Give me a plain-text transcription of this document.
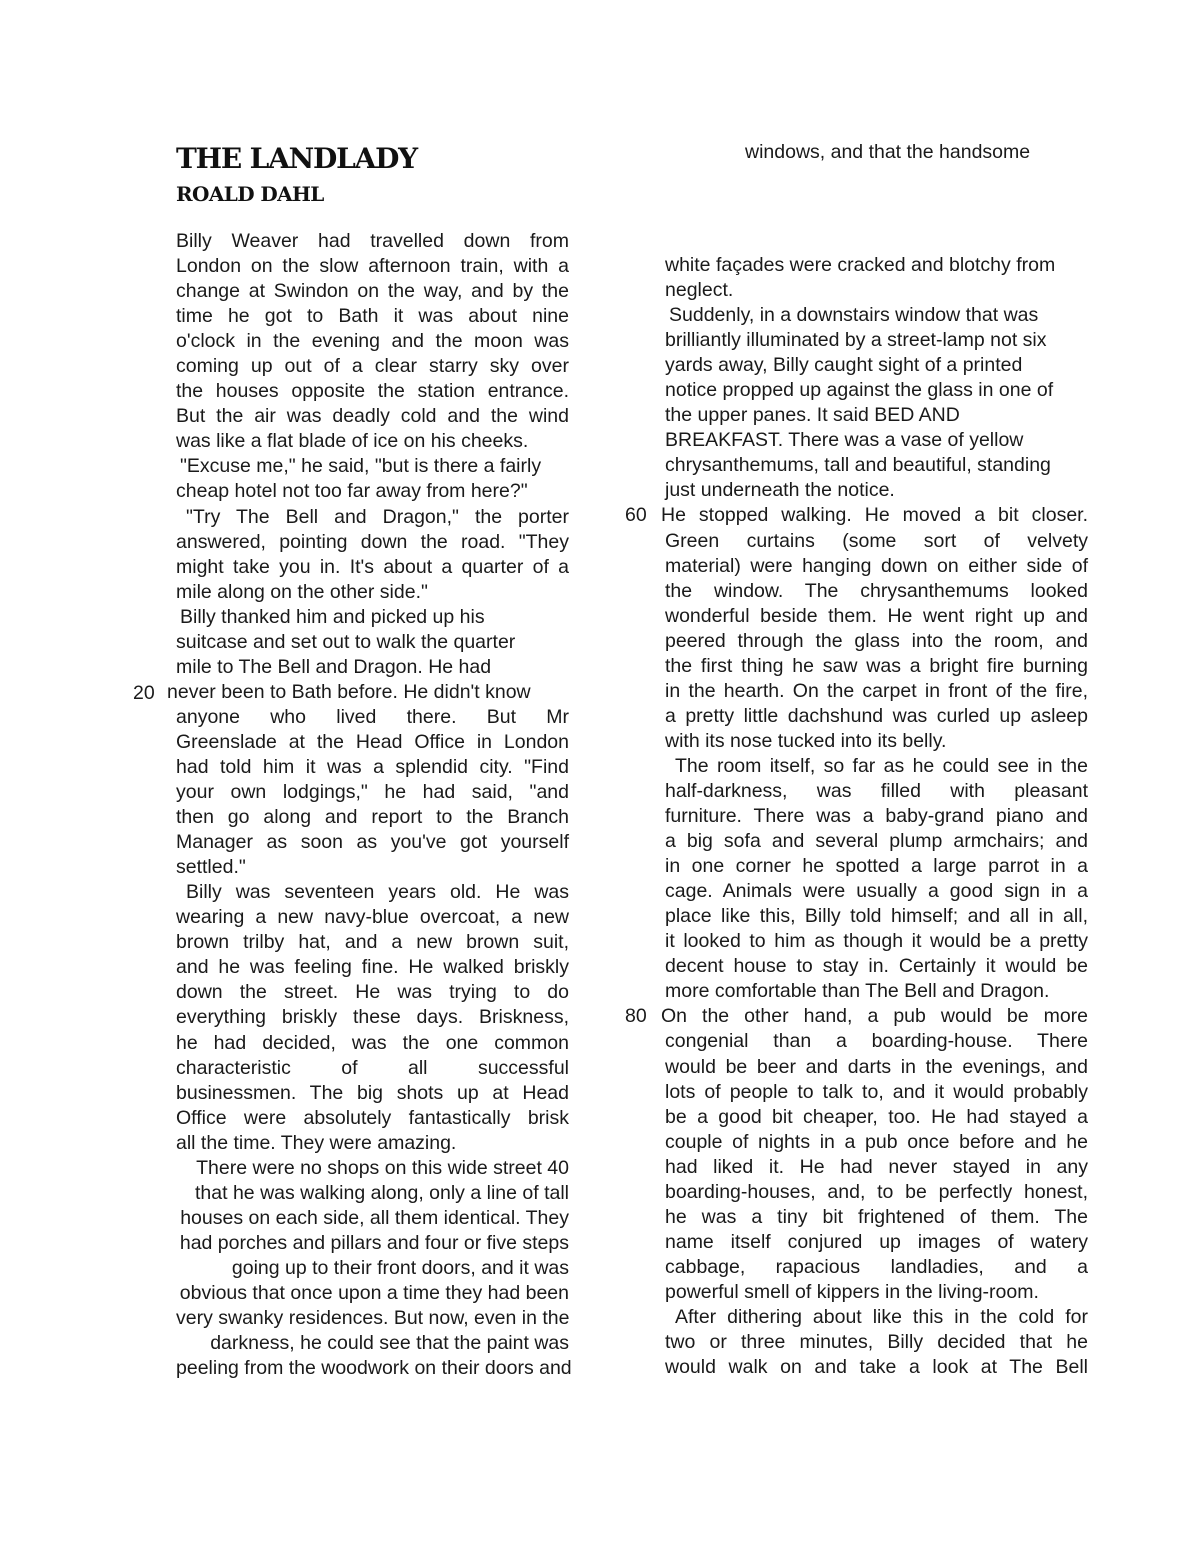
THE LANDLADY
ROALD DAHL
windows, and that the handsome
20
60
80
Billy Weaver had travelled down from
London on the slow afternoon train, with a
change at Swindon on the way, and by the
time he got to Bath it was about nine
o'clock in the evening and the moon was
coming up out of a clear starry sky over
the houses opposite the station entrance.
But the air was deadly cold and the wind
was like a flat blade of ice on his cheeks.
"Excuse me," he said, "but is there a fairly
cheap hotel not too far away from here?"
"Try The Bell and Dragon," the porter
answered, pointing down the road. "They
might take you in. It's about a quarter of a
mile along on the other side."
Billy thanked him and picked up his
suitcase and set out to walk the quarter
mile to The Bell and Dragon. He had
never been to Bath before. He didn't know
anyone who lived there. But Mr
Greenslade at the Head Office in London
had told him it was a splendid city. "Find
your own lodgings," he had said, "and
then go along and report to the Branch
Manager as soon as you've got yourself
settled."
Billy was seventeen years old. He was
wearing a new navy-blue overcoat, a new
brown trilby hat, and a new brown suit,
and he was feeling fine. He walked briskly
down the street. He was trying to do
everything briskly these days. Briskness,
he had decided, was the one common
characteristic of all successful
businessmen. The big shots up at Head
Office were absolutely fantastically brisk
all the time. They were amazing.
There were no shops on this wide street 40
that he was walking along, only a line of tall
houses on each side, all them identical. They
had porches and pillars and four or five steps
going up to their front doors, and it was
obvious that once upon a time they had been
very swanky residences. But now, even in the
darkness, he could see that the paint was
peeling from the woodwork on their doors and
white façades were cracked and blotchy from
neglect.
Suddenly, in a downstairs window that was
brilliantly illuminated by a street-lamp not six
yards away, Billy caught sight of a printed
notice propped up against the glass in one of
the upper panes. It said BED AND
BREAKFAST. There was a vase of yellow
chrysanthemums, tall and beautiful, standing
just underneath the notice.
He stopped walking. He moved a bit closer.
Green curtains (some sort of velvety
material) were hanging down on either side of
the window. The chrysanthemums looked
wonderful beside them. He went right up and
peered through the glass into the room, and
the first thing he saw was a bright fire burning
in the hearth. On the carpet in front of the fire,
a pretty little dachshund was curled up asleep
with its nose tucked into its belly.
The room itself, so far as he could see in the
half-darkness, was filled with pleasant
furniture. There was a baby-grand piano and
a big sofa and several plump armchairs; and
in one corner he spotted a large parrot in a
cage. Animals were usually a good sign in a
place like this, Billy told himself; and all in all,
it looked to him as though it would be a pretty
decent house to stay in. Certainly it would be
more comfortable than The Bell and Dragon.
On the other hand, a pub would be more
congenial than a boarding-house. There
would be beer and darts in the evenings, and
lots of people to talk to, and it would probably
be a good bit cheaper, too. He had stayed a
couple of nights in a pub once before and he
had liked it. He had never stayed in any
boarding-houses, and, to be perfectly honest,
he was a tiny bit frightened of them. The
name itself conjured up images of watery
cabbage, rapacious landladies, and a
powerful smell of kippers in the living-room.
After dithering about like this in the cold for
two or three minutes, Billy decided that he
would walk on and take a look at The Bell
